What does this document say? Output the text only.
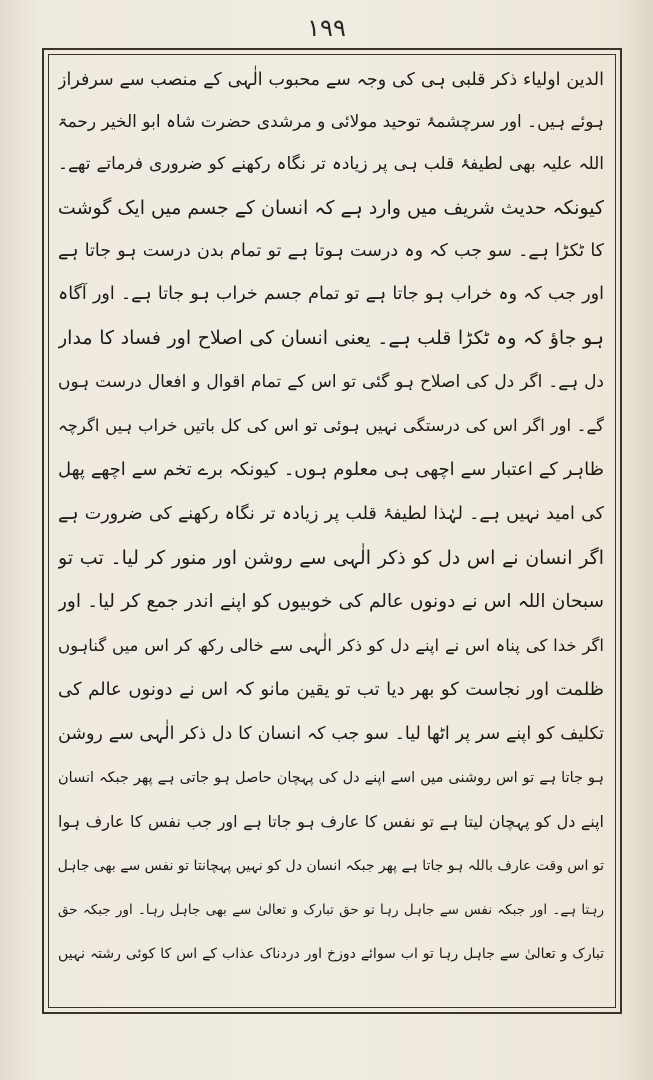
١٩٩
الدین اولیاء ذکر قلبی ہی کی وجہ سے محبوب الٰہی کے منصب سے سرفراز
ہوئے ہیں۔ اور سرچشمۂ توحید مولائی و مرشدی حضرت شاہ ابو الخیر رحمۃ
اللہ علیہ بھی لطیفۂ قلب ہی پر زیادہ تر نگاہ رکھنے کو ضروری فرماتے تھے۔
کیونکہ حدیث شریف میں وارد ہے کہ انسان کے جسم میں ایک گوشت
کا ٹکڑا ہے۔ سو جب کہ وہ درست ہوتا ہے تو تمام بدن درست ہو جاتا ہے
اور جب کہ وہ خراب ہو جاتا ہے تو تمام جسم خراب ہو جاتا ہے۔ اور آگاہ
ہو جاؤ کہ وہ ٹکڑا قلب ہے۔ یعنی انسان کی اصلاح اور فساد کا مدار
دل ہے۔ اگر دل کی اصلاح ہو گئی تو اس کے تمام اقوال و افعال درست ہوں
گے۔ اور اگر اس کی درستگی نہیں ہوئی تو اس کی کل باتیں خراب ہیں اگرچہ
ظاہر کے اعتبار سے اچھی ہی معلوم ہوں۔ کیونکہ برے تخم سے اچھے پھل
کی امید نہیں ہے۔ لہٰذا لطیفۂ قلب پر زیادہ تر نگاہ رکھنے کی ضرورت ہے
اگر انسان نے اس دل کو ذکر الٰہی سے روشن اور منور کر لیا۔ تب تو
سبحان اللہ اس نے دونوں عالم کی خوبیوں کو اپنے اندر جمع کر لیا۔ اور
اگر خدا کی پناہ اس نے اپنے دل کو ذکر الٰہی سے خالی رکھ کر اس میں گناہوں
ظلمت اور نجاست کو بھر دیا تب تو یقین مانو کہ اس نے دونوں عالم کی
تکلیف کو اپنے سر پر اٹھا لیا۔ سو جب کہ انسان کا دل ذکر الٰہی سے روشن
ہو جاتا ہے تو اس روشنی میں اسے اپنے دل کی پہچان حاصل ہو جاتی ہے پھر جبکہ انسان
اپنے دل کو پہچان لیتا ہے تو نفس کا عارف ہو جاتا ہے اور جب نفس کا عارف ہوا
تو اس وقت عارف باللہ ہو جاتا ہے پھر جبکہ انسان دل کو نہیں پہچانتا تو نفس سے بھی جاہل
رہتا ہے۔ اور جبکہ نفس سے جاہل رہا تو حق تبارک و تعالیٰ سے بھی جاہل رہا۔ اور جبکہ حق
تبارک و تعالیٰ سے جاہل رہا تو اب سوائے دوزخ اور دردناک عذاب کے اس کا کوئی رشتہ نہیں
